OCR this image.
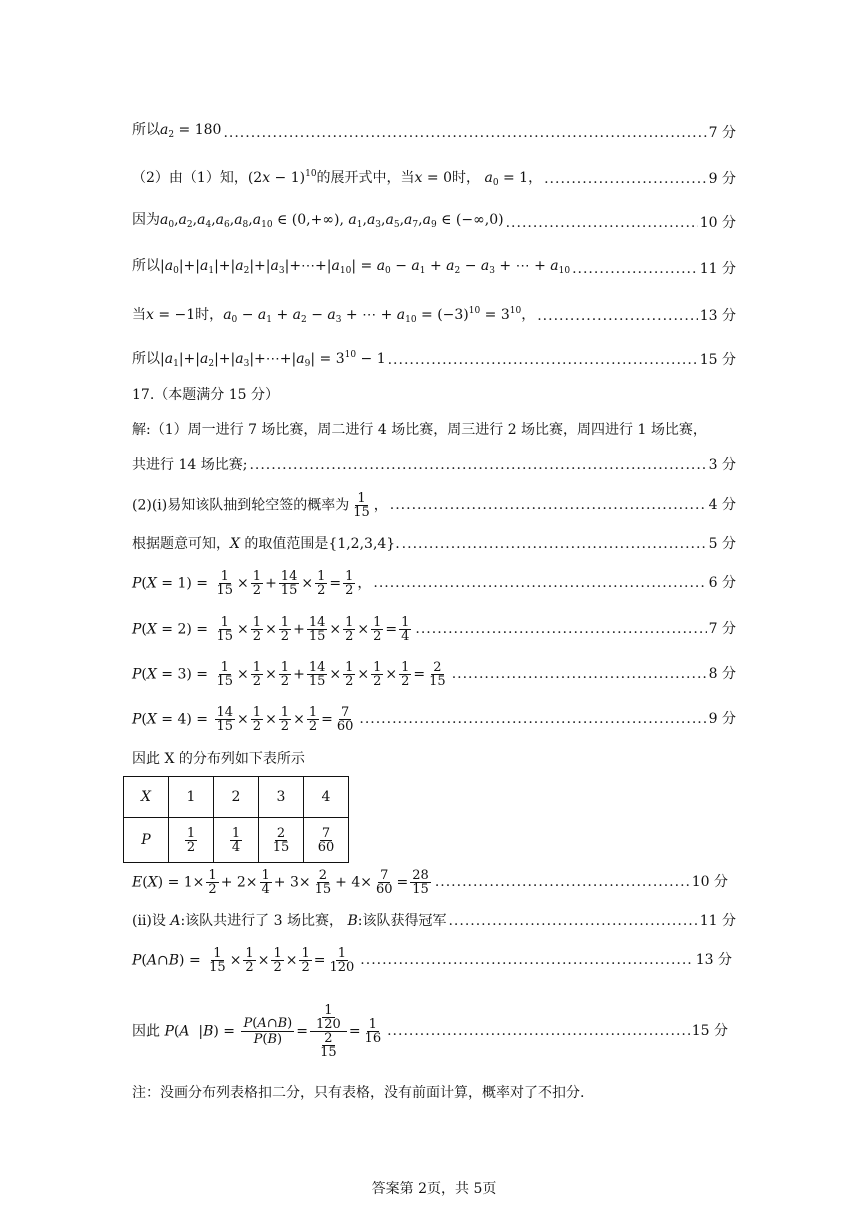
所以$a_2 = 180$ .....	7 分
（2）由（1）知，$(2x - 1)^{10}$的展开式中，当x = 0时， $a_0 = 1$， .....	9 分
因为$a_0,a_2,a_4,a_6,a_8,a_{10}$ ∈ (0,+∞), $a_1,a_3,a_5,a_7,a_9$ ∈ (−∞,0) .....	10 分
所以$|a_0|+|a_1|+|a_2|+|a_3|+\cdots+|a_{10}| = a_0 - a_1 + a_2 - a_3$ + ⋯ + $a_{10}$ .....	11 分
当x = −1时，$a_0 - a_1 + a_2 - a_3$ + ⋯ + $a_{10} = (-3)^{10} = 3^{10}$， .....	13 分
所以$|a_1|+|a_2|+|a_3|+\cdots+|a_9| = 3^{10} - 1$ .....	15 分
17.（本题满分 15 分）
解:（1）周一进行 7 场比赛，周二进行 4 场比赛，周三进行 2 场比赛，周四进行 1 场比赛，
共进行 14 场比赛; .....	3 分
(2)(ⅰ)易知该队抽到轮空签的概率为 $\frac{1}{15}$ ， .....	4 分
根据题意可知，X 的取值范围是{1,2,3,4}. .....	5 分
$P(X = 1) = \frac{1}{15} \times \frac{1}{2} + \frac{14}{15} \times \frac{1}{2} = \frac{1}{2}$ ， .....	6 分
$P(X = 2) = \frac{1}{15} \times \frac{1}{2} \times \frac{1}{2} + \frac{14}{15} \times \frac{1}{2} \times \frac{1}{2} = \frac{1}{4}$ .....	7 分
$P(X = 3) = \frac{1}{15} \times \frac{1}{2} \times \frac{1}{2} + \frac{14}{15} \times \frac{1}{2} \times \frac{1}{2} \times \frac{1}{2} = \frac{2}{15}$ .....	8 分
$P(X = 4) = \frac{14}{15} \times \frac{1}{2} \times \frac{1}{2} \times \frac{1}{2} = \frac{7}{60}$ .....	9 分
因此 X 的分布列如下表所示
X	1	2	3	4
P	$\frac{1}{2}$	$\frac{1}{4}$	$\frac{2}{15}$	$\frac{7}{60}$
$E(X) = 1\times \frac{1}{2} + 2\times \frac{1}{4} + 3\times \frac{2}{15} + 4\times \frac{7}{60} = \frac{28}{15}$ .....	10 分
(ⅱ)设 A:该队共进行了 3 场比赛， B:该队获得冠军 .....	11 分
P(A∩B) = $\frac{1}{15} \times \frac{1}{2} \times \frac{1}{2} \times \frac{1}{2} = \frac{1}{120}$ .....	13 分
因此 P(A  $|B) = \frac{P(A\cap B)}{P(B)} = \frac{\frac{1}{120}}{\frac{2}{15}} = \frac{1}{16}$ .....	15 分
注：没画分布列表格扣二分，只有表格，没有前面计算，概率对了不扣分.
答案第 2页，共 5页
